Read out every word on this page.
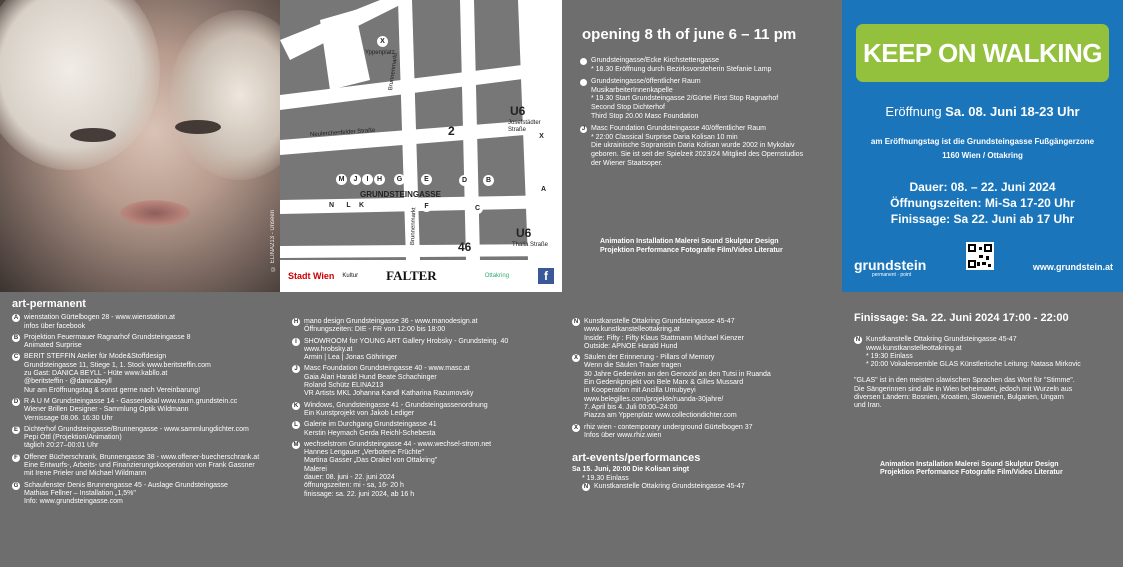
© ELINA213 - Unseen
Yppenplatz
Brunnenmarkt
Neulerchenfelder Straße
GRUNDSTEINGASSE
Brunnenmarkt
Josefstädter Straße
Thalia Straße
U6
2
U6
46
X
M	J	I	H	G	E	D	B
A
N	L	K	F	C
X
Stadt Wien Kultur FALTER	Ottakring	f
opening 8 th of june 6 – 11 pm
Grundsteingasse/Ecke Kirchstettengasse
* 18.30 Eröffnung durch Bezirksvorsteherin Stefanie Lamp
Grundsteingasse/öffentlicher Raum
MusikarbeiterInnenkapelle
* 19.30 Start Grundsteingasse 2/Gürtel First Stop Ragnarhof
Second Stop Dichterhof
Third Stop 20.00 Masc Foundation
J Masc Foundation Grundsteingasse 40/öffentlicher Raum
* 22:00 Classical Surprise Daria Kolisan 10 min
Die ukrainische Sopranistin Daria Kolisan wurde 2002 in Mykolaiv
geboren. Sie ist seit der Spielzeit 2023/24 Mitglied des Opernstudios
der Wiener Staatsoper.
Animation Installation Malerei Sound Skulptur Design
Projektion Performance Fotografie Film/Video Literatur
KEEP ON WALKING
Eröffnung Sa. 08. Juni 18-23 Uhr
am Eröffnungstag ist die Grundsteingasse Fußgängerzone
1160 Wien / Ottakring
Dauer: 08. – 22. Juni 2024
Öffnungszeiten: Mi-Sa 17-20 Uhr
Finissage: Sa 22. Juni ab 17 Uhr
grundstein
permanent · point
www.grundstein.at
art-permanent
A wienstation Gürtelbogen 28 - www.wienstation.at
infos über facebook
B Projektion Feuermauer Ragnarhof Grundsteingasse 8
Animated Surprise
C BERIT STEFFIN Atelier für Mode&Stoffdesign
Grundsteingasse 11, Stiege 1, 1. Stock www.beritsteffin.com
zu Gast: DANICA BEYLL - Hüte www.kabllo.at
@beritsteffin - @danicabeyll
Nur am Eröffnungstag & sonst gerne nach Vereinbarung!
D R A U M Grundsteingasse 14 - Gassenlokal www.raum.grundstein.cc
Wiener Brillen Designer - Sammlung Optik Wildmann
Vernissage 08.06. 16:30 Uhr
E Dichterhof Grundsteingasse/Brunnengasse - www.sammlungdichter.com
Pepi Öttl (Projektion/Animation)
täglich 20:27–00:01 Uhr
F Offener Bücherschrank, Brunnengasse 38 - www.offener-buecherschrank.at
Eine Entwurfs-, Arbeits- und Finanzierungskooperation von Frank Gassner
mit Irene Prieler und Michael Wildmann
G Schaufenster Denis Brunnengasse 45 - Auslage Grundsteingasse
Mathias Fellner – Installation „1,5%"
Info: www.grundsteingasse.com
H mano design Grundsteingasse 36 - www.manodesign.at
Öffnungszeiten: DIE - FR von 12:00 bis 18:00
I	SHOWROOM for YOUNG ART Gallery Hrobsky - Grundsteing. 40
www.hrobsky.at
Armin | Lea | Jonas Göhringer
J Masc Foundation Grundsteingasse 40 - www.masc.at
Gaia Alari Harald Hund Beate Schachinger
Roland Schütz ELINA213
VR Artists MKL Johanna Kandl Katharina Razumovsky
K Windows, Grundsteingasse 41 - Grundsteingassenordnung
Ein Kunstprojekt von Jakob Lediger
L Galerie im Durchgang Grundsteingasse 41
Kerstin Heymach Gerda Reichl-Schebesta
M wechselstrom Grundsteingasse 44 - www.wechsel-strom.net
Hannes Lengauer „Verbotene Früchte"
Martina Gasser „Das Orakel von Ottakring"
Malerei
dauer: 08. juni - 22. juni 2024
öffnungszeiten: mi - sa, 16- 20 h
finissage: sa. 22. juni 2024, ab 16 h
N Kunstkanstelle Ottakring Grundsteingasse 45-47
www.kunstkanstelleottakring.at
Inside: Fifty : Fifty Klaus Stattmann Michael Kienzer
Outside: APNOE Harald Hund
X Säulen der Erinnerung - Pillars of Memory
Wenn die Säulen Trauer tragen
30 Jahre Gedenken an den Genozid an den Tutsi in Ruanda
Ein Gedenkprojekt von Bele Marx & Gilles Mussard
in Kooperation mit Ancilla Umubyeyi
www.belegilles.com/projekte/ruanda-30jahre/
7. April bis 4. Juli 00:00–24:00
Piazza am Yppenplatz www.collectiondichter.com
X rhiz wien - contemporary underground Gürtelbogen 37
Infos über www.rhiz.wien
art-events/performances
Sa 15. Juni, 20:00 Die Kolisan singt
* 19.30 Einlass
N Kunstkanstelle Ottakring Grundsteingasse 45-47
Finissage: Sa. 22. Juni 2024 17:00 - 22:00
N Kunstkanstelle Ottakring Grundsteingasse 45-47
www.kunstkanstelleottakring.at
* 19:30 Einlass
* 20:00 Vokalensemble GLAS Künstlerische Leitung: Natasa Mirkovic
"GLAS" ist in den meisten slawischen Sprachen das Wort für "Stimme".
Die Sängerinnen sind alle in Wien beheimatet, jedoch mit Wurzeln aus
diversen Ländern: Bosnien, Kroatien, Slowenien, Bulgarien, Ungarn
und Iran.
Animation Installation Malerei Sound Skulptur Design
Projektion Performance Fotografie Film/Video Literatur
